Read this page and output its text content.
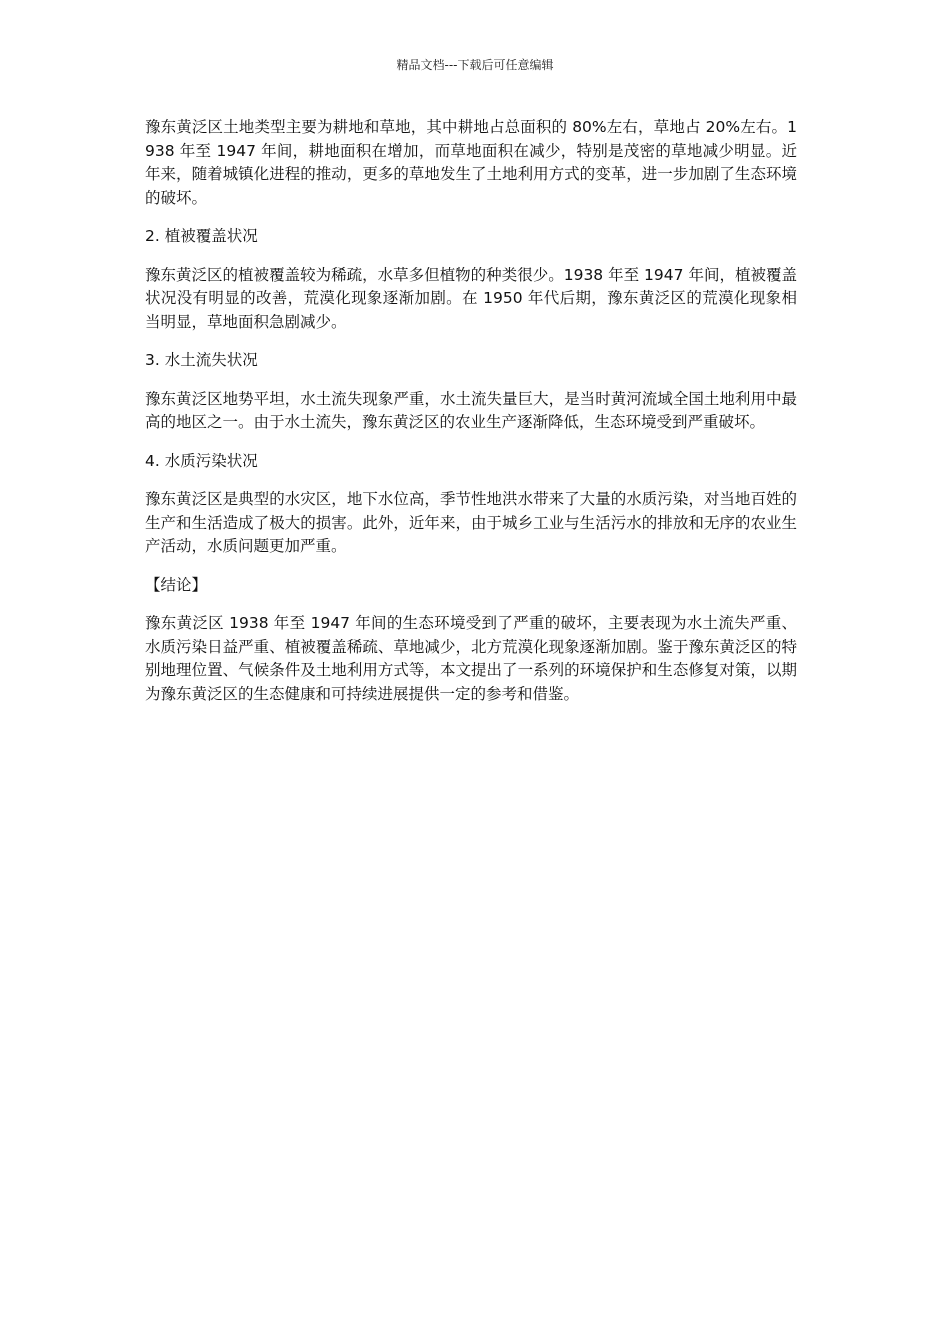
精品文档---下载后可任意编辑

豫东黄泛区土地类型主要为耕地和草地，其中耕地占总面积的 80%左右，草地占 20%左右。1938 年至 1947 年间，耕地面积在增加，而草地面积在减少，特别是茂密的草地减少明显。近年来，随着城镇化进程的推动，更多的草地发生了土地利用方式的变革，进一步加剧了生态环境的破坏。

2. 植被覆盖状况

豫东黄泛区的植被覆盖较为稀疏，水草多但植物的种类很少。1938 年至 1947 年间，植被覆盖状况没有明显的改善，荒漠化现象逐渐加剧。在 1950 年代后期，豫东黄泛区的荒漠化现象相当明显，草地面积急剧减少。

3. 水土流失状况

豫东黄泛区地势平坦，水土流失现象严重，水土流失量巨大，是当时黄河流域全国土地利用中最高的地区之一。由于水土流失，豫东黄泛区的农业生产逐渐降低，生态环境受到严重破坏。

4. 水质污染状况

豫东黄泛区是典型的水灾区，地下水位高，季节性地洪水带来了大量的水质污染，对当地百姓的生产和生活造成了极大的损害。此外，近年来，由于城乡工业与生活污水的排放和无序的农业生产活动，水质问题更加严重。

【结论】

豫东黄泛区 1938 年至 1947 年间的生态环境受到了严重的破坏，主要表现为水土流失严重、水质污染日益严重、植被覆盖稀疏、草地减少，北方荒漠化现象逐渐加剧。鉴于豫东黄泛区的特别地理位置、气候条件及土地利用方式等，本文提出了一系列的环境保护和生态修复对策，以期为豫东黄泛区的生态健康和可持续进展提供一定的参考和借鉴。
